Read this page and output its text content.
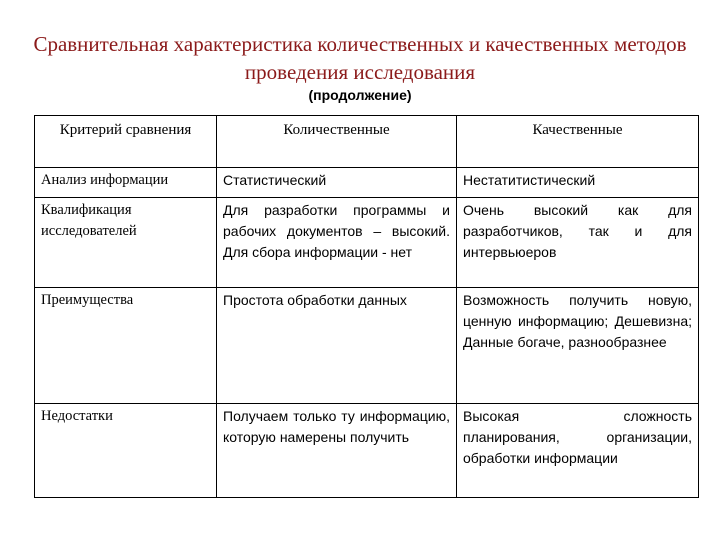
Сравнительная характеристика количественных и качественных методов проведения исследования
(продолжение)
Критерий сравнения	Количественные	Качественные
Анализ информации	Статистический	Нестатитистический
Квалификация исследователей	Для разработки программы и рабочих документов – высокий. Для сбора информации - нет	Очень высокий как для разработчиков, так и для интервьюеров
Преимущества	Простота обработки данных	Возможность получить новую, ценную информацию; Дешевизна; Данные богаче, разнообразнее
Недостатки	Получаем только ту информацию, которую намерены получить	Высокая сложность планирования, организации, обработки информации
